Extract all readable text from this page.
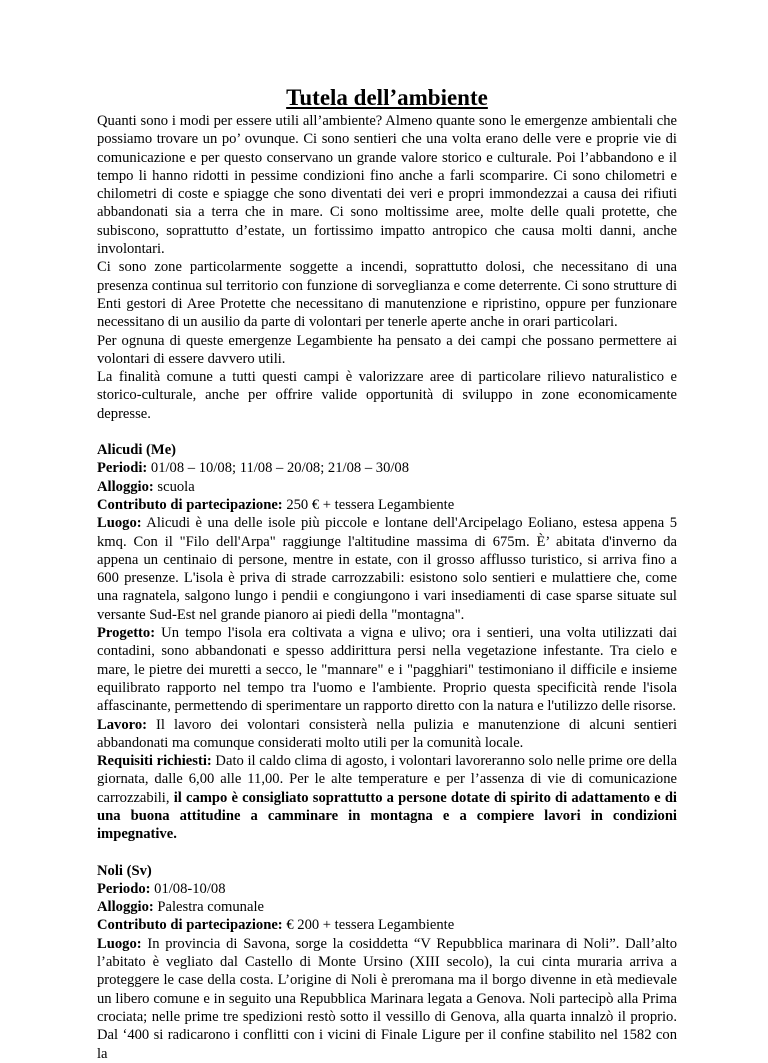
Tutela dell’ambiente

Quanti sono i modi per essere utili all’ambiente? Almeno quante sono le emergenze ambientali che possiamo trovare un po’ ovunque. Ci sono sentieri che una volta erano delle vere e proprie vie di comunicazione e per questo conservano un grande valore storico e culturale. Poi l’abbandono e il tempo li hanno ridotti in pessime condizioni fino anche a farli scomparire. Ci sono chilometri e chilometri di coste e spiagge che sono diventati dei veri e propri immondezzai a causa dei rifiuti abbandonati sia a terra che in mare. Ci sono moltissime aree, molte delle quali protette, che subiscono, soprattutto d’estate, un fortissimo impatto antropico che causa molti danni, anche involontari.

Ci sono zone particolarmente soggette a incendi, soprattutto dolosi, che necessitano di una presenza continua sul territorio con funzione di sorveglianza e come deterrente. Ci sono strutture di Enti gestori di Aree Protette che necessitano di manutenzione e ripristino, oppure per funzionare necessitano di un ausilio da parte di volontari per tenerle aperte anche in orari particolari.

Per ognuna di queste emergenze Legambiente ha pensato a dei campi che possano permettere ai volontari di essere davvero utili.

La finalità comune a tutti questi campi è valorizzare aree di particolare rilievo naturalistico e storico-culturale, anche per offrire valide opportunità di sviluppo in zone economicamente depresse.

Alicudi (Me)

Periodi: 01/08 – 10/08; 11/08 – 20/08; 21/08 – 30/08

Alloggio: scuola

Contributo di partecipazione: 250 € + tessera Legambiente

Luogo: Alicudi è una delle isole più piccole e lontane dell'Arcipelago Eoliano, estesa appena 5 kmq. Con il "Filo dell'Arpa" raggiunge l'altitudine massima di 675m. È’ abitata d'inverno da appena un centinaio di persone, mentre in estate, con il grosso afflusso turistico, si arriva fino a 600 presenze. L'isola è priva di strade carrozzabili: esistono solo sentieri e mulattiere che, come una ragnatela, salgono lungo i pendii e congiungono i vari insediamenti di case sparse situate sul versante Sud-Est nel grande pianoro ai piedi della "montagna".

Progetto: Un tempo l'isola era coltivata a vigna e ulivo; ora i sentieri, una volta utilizzati dai contadini, sono abbandonati e spesso addirittura persi nella vegetazione infestante. Tra cielo e mare, le pietre dei muretti a secco, le "mannare" e i "pagghiari" testimoniano il difficile e insieme equilibrato rapporto nel tempo tra l'uomo e l'ambiente. Proprio questa specificità rende l'isola affascinante, permettendo di sperimentare un rapporto diretto con la natura e l'utilizzo delle risorse.

Lavoro: Il lavoro dei volontari consisterà nella pulizia e manutenzione di alcuni sentieri abbandonati ma comunque considerati molto utili per la comunità locale.

Requisiti richiesti: Dato il caldo clima di agosto, i volontari lavoreranno solo nelle prime ore della giornata, dalle 6,00 alle 11,00. Per le alte temperature e per l’assenza di vie di comunicazione carrozzabili, il campo è consigliato soprattutto a persone dotate di spirito di adattamento e di una buona attitudine a camminare in montagna e a compiere lavori in condizioni impegnative.

Noli (Sv)

Periodo: 01/08-10/08

Alloggio: Palestra comunale

Contributo di partecipazione: € 200 + tessera Legambiente

Luogo: In provincia di Savona, sorge la cosiddetta “V Repubblica marinara di Noli”. Dall’alto l’abitato è vegliato dal Castello di Monte Ursino (XIII secolo), la cui cinta muraria arriva a proteggere le case della costa. L’origine di Noli è preromana ma il borgo divenne in età medievale un libero comune e in seguito una Repubblica Marinara legata a Genova. Noli partecipò alla Prima crociata; nelle prime tre spedizioni restò sotto il vessillo di Genova, alla quarta innalzò il proprio. Dal ‘400 si radicarono i conflitti con i vicini di Finale Ligure per il confine stabilito nel 1582 con la
